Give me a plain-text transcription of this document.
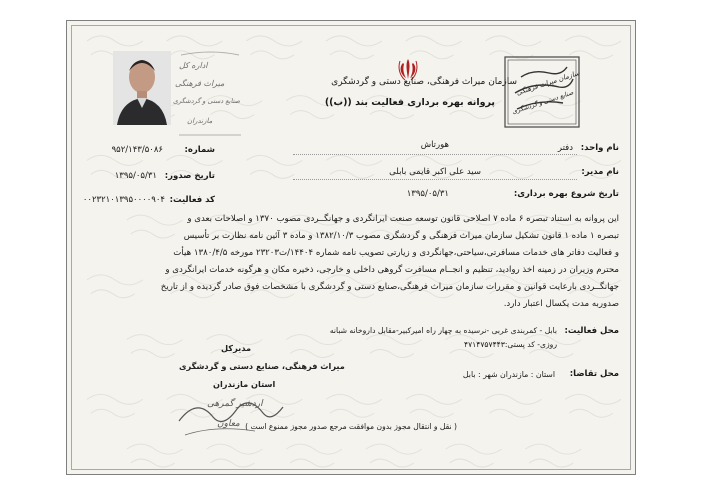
اداره کل
میراث فرهنگی
صنایع دستی و گردشگری
مازندران
سازمان میراث فرهنگی، صنایع دستی و گردشگری
پروانه بهره برداری فعالیت بند ((ب))
سازمان میراث فرهنگی
صنایع دستی و گردشگری
نام واحد:
دفتر
هورتاش
شماره:
۹۵۲/۱۴۳/۵۰۸۶
نام مدیر:
سید علی اکبر قایمی بابلی
تاریخ صدور:
۱۳۹۵/۰۵/۳۱
تاریخ شروع بهره برداری:
۱۳۹۵/۰۵/۳۱
کد فعالیت:
۰۰۲۳۲۱۰۱۳۹۵۰۰۰۰۹۰۴
این پروانه به استناد تبصره ۶ ماده ۷ اصلاحی قانون توسعه صنعت ایرانگردی و جهانگــردی مصوب ۱۳۷۰ و اصلاحات بعدی و
تبصره ۱ ماده ۱ قانون تشکیل سازمان میراث فرهنگی و گردشگری مصوب ۱۳۸۲/۱۰/۳ و ماده ۳ آئین نامه نظارت بر تأسیس
و فعالیت دفاتر های خدمات مسافرتی،سیاحتی،جهانگردی و زیارتی تصویب نامه شماره ۱۴۴۰۴/ت۲۳۲۰۳ مورخه ۱۳۸۰/۴/۵ هیأت
محترم وزیران در زمینه اخذ روادید، تنظیم و انجــام مسافرت گروهی داخلی و خارجی، ذخیره مکان و هرگونه خدمات ایرانگردی و
جهانگــردی بارعایت قوانین و مقررات سازمان میراث فرهنگی،صنایع دستی و گردشگری با مشخصات فوق صادر گردیده و از تاریخ
صدوربه مدت یکسال اعتبار دارد.
محل فعالیت:
بابل - کمربندی غربی -نرسیده به چهار راه امیرکبیر-مقابل داروخانه شبانه
روزی- کد پستی:۴۷۱۴۷۵۷۴۴۳
محل تقاضا:
استان : مازندران شهر : بابل
مدیرکل
میراث فرهنگی، صنایع دستی و گردشگری
استان مازندران
اردشیر گمرهی
معاون ( نقل و انتقال مجوز بدون موافقت مرجع صدور مجوز ممنوع است )
